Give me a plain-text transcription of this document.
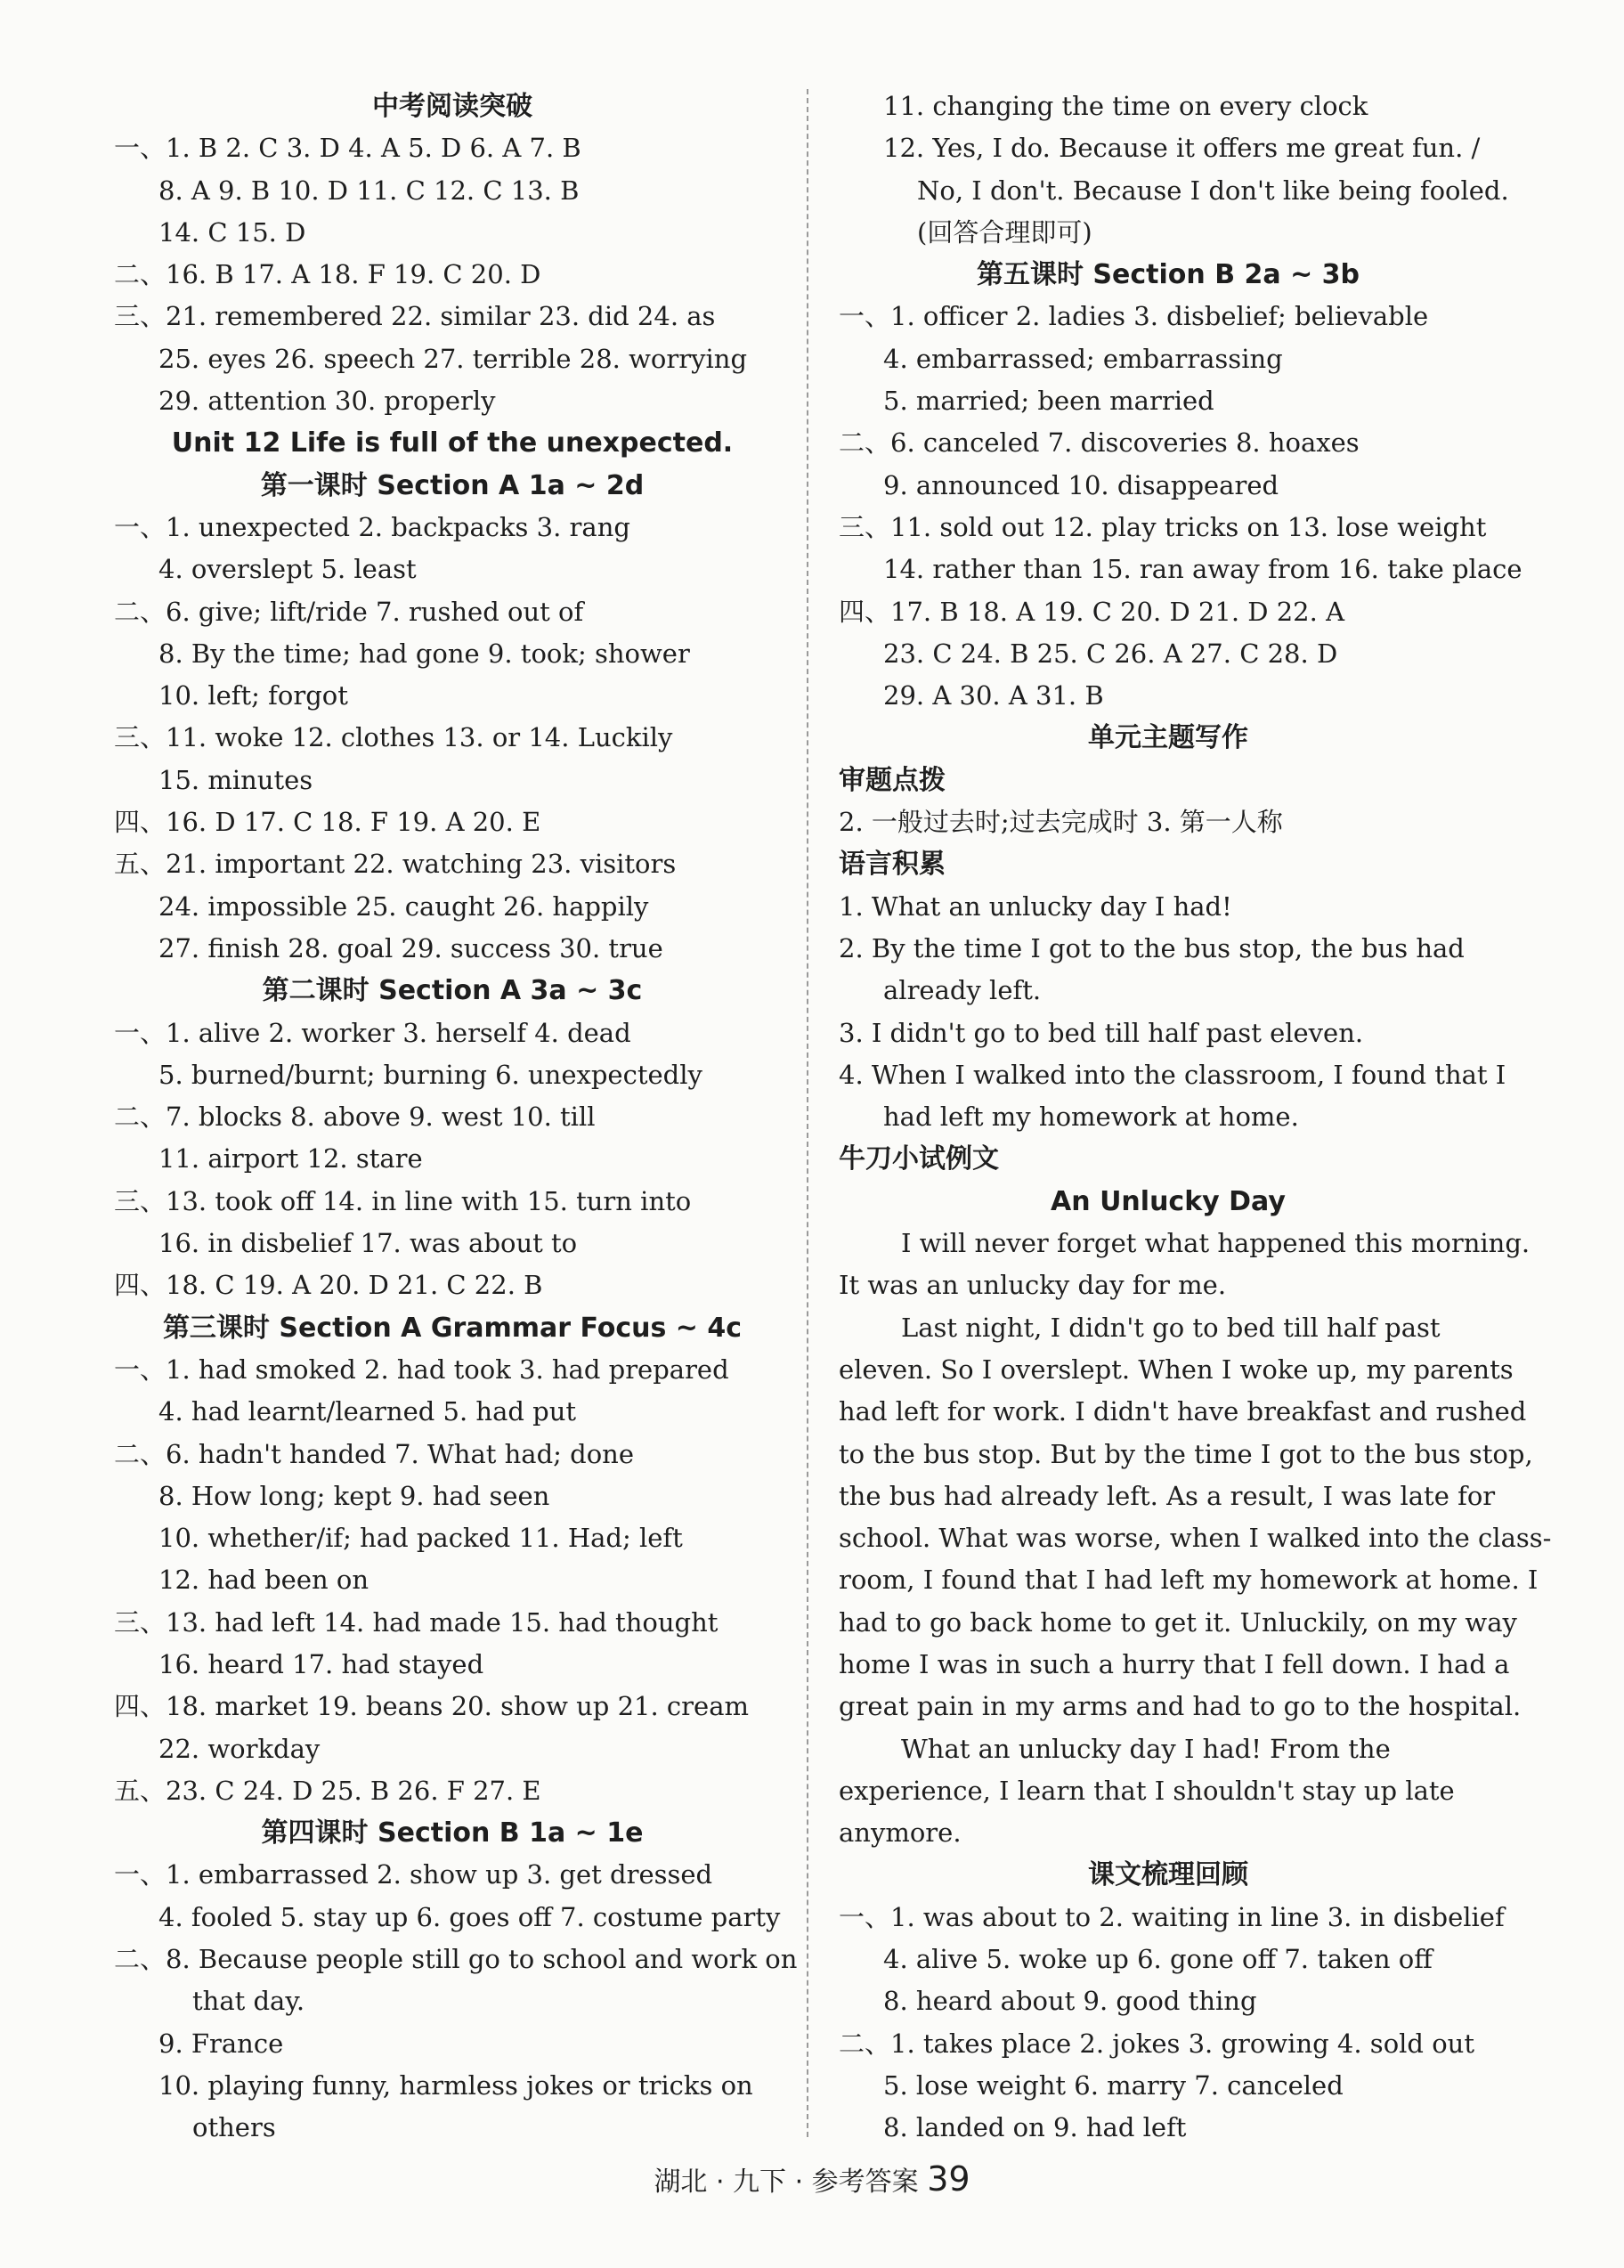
中考阅读突破
一、1. B 2. C 3. D 4. A 5. D 6. A 7. B
8. A 9. B 10. D 11. C 12. C 13. B
14. C 15. D
二、16. B 17. A 18. F 19. C 20. D
三、21. remembered 22. similar 23. did 24. as
25. eyes 26. speech 27. terrible 28. worrying
29. attention 30. properly
Unit 12 Life is full of the unexpected.
第一课时 Section A 1a ~ 2d
一、1. unexpected 2. backpacks 3. rang
4. overslept 5. least
二、6. give; lift/ride 7. rushed out of
8. By the time; had gone 9. took; shower
10. left; forgot
三、11. woke 12. clothes 13. or 14. Luckily
15. minutes
四、16. D 17. C 18. F 19. A 20. E
五、21. important 22. watching 23. visitors
24. impossible 25. caught 26. happily
27. finish 28. goal 29. success 30. true
第二课时 Section A 3a ~ 3c
一、1. alive 2. worker 3. herself 4. dead
5. burned/burnt; burning 6. unexpectedly
二、7. blocks 8. above 9. west 10. till
11. airport 12. stare
三、13. took off 14. in line with 15. turn into
16. in disbelief 17. was about to
四、18. C 19. A 20. D 21. C 22. B
第三课时 Section A Grammar Focus ~ 4c
一、1. had smoked 2. had took 3. had prepared
4. had learnt/learned 5. had put
二、6. hadn't handed 7. What had; done
8. How long; kept 9. had seen
10. whether/if; had packed 11. Had; left
12. had been on
三、13. had left 14. had made 15. had thought
16. heard 17. had stayed
四、18. market 19. beans 20. show up 21. cream
22. workday
五、23. C 24. D 25. B 26. F 27. E
第四课时 Section B 1a ~ 1e
一、1. embarrassed 2. show up 3. get dressed
4. fooled 5. stay up 6. goes off 7. costume party
二、8. Because people still go to school and work on
that day.
9. France
10. playing funny, harmless jokes or tricks on
others
11. changing the time on every clock
12. Yes, I do. Because it offers me great fun. /
No, I don't. Because I don't like being fooled.
(回答合理即可)
第五课时 Section B 2a ~ 3b
一、1. officer 2. ladies 3. disbelief; believable
4. embarrassed; embarrassing
5. married; been married
二、6. canceled 7. discoveries 8. hoaxes
9. announced 10. disappeared
三、11. sold out 12. play tricks on 13. lose weight
14. rather than 15. ran away from 16. take place
四、17. B 18. A 19. C 20. D 21. D 22. A
23. C 24. B 25. C 26. A 27. C 28. D
29. A 30. A 31. B
单元主题写作
审题点拨
2. 一般过去时;过去完成时 3. 第一人称
语言积累
1. What an unlucky day I had!
2. By the time I got to the bus stop, the bus had
already left.
3. I didn't go to bed till half past eleven.
4. When I walked into the classroom, I found that I
had left my homework at home.
牛刀小试例文
An Unlucky Day
I will never forget what happened this morning.
It was an unlucky day for me.
Last night, I didn't go to bed till half past
eleven. So I overslept. When I woke up, my parents
had left for work. I didn't have breakfast and rushed
to the bus stop. But by the time I got to the bus stop,
the bus had already left. As a result, I was late for
school. What was worse, when I walked into the class-
room, I found that I had left my homework at home. I
had to go back home to get it. Unluckily, on my way
home I was in such a hurry that I fell down. I had a
great pain in my arms and had to go to the hospital.
What an unlucky day I had! From the
experience, I learn that I shouldn't stay up late
anymore.
课文梳理回顾
一、1. was about to 2. waiting in line 3. in disbelief
4. alive 5. woke up 6. gone off 7. taken off
8. heard about 9. good thing
二、1. takes place 2. jokes 3. growing 4. sold out
5. lose weight 6. marry 7. canceled
8. landed on 9. had left
湖北 · 九下 · 参考答案 39
